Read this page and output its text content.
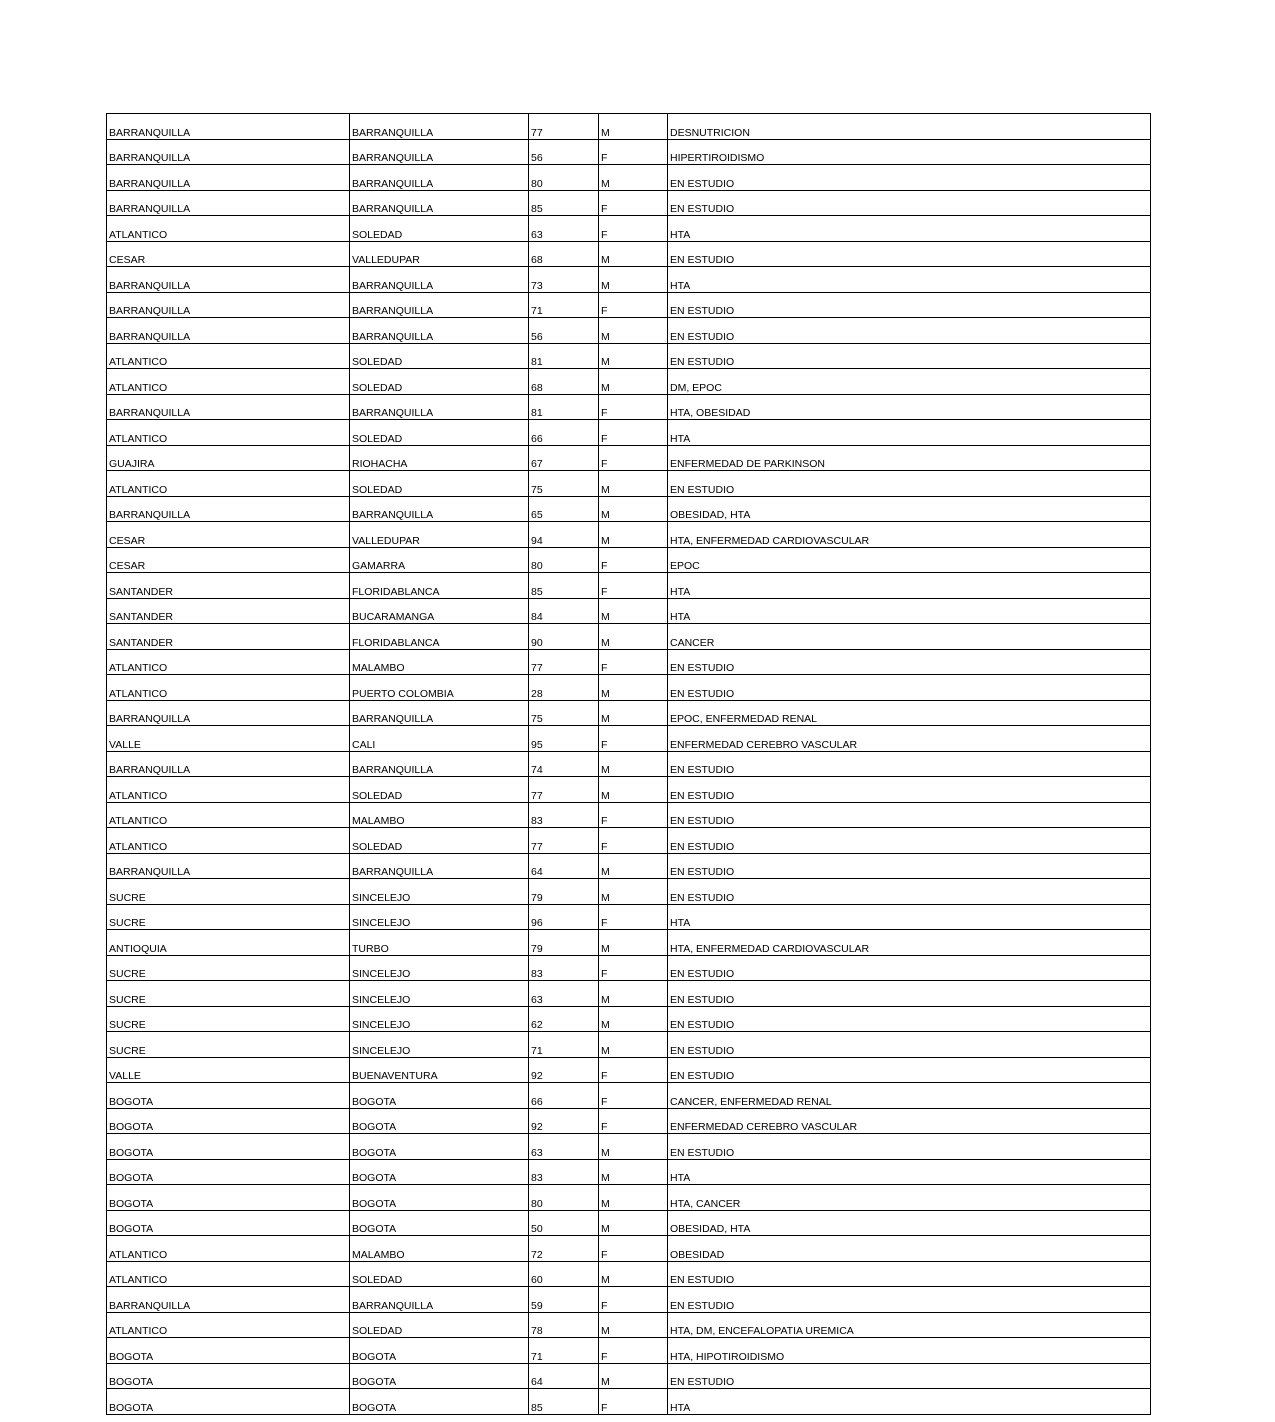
BARRANQUILLA	BARRANQUILLA	77	M	DESNUTRICION
BARRANQUILLA	BARRANQUILLA	56	F	HIPERTIROIDISMO
BARRANQUILLA	BARRANQUILLA	80	M	EN ESTUDIO
BARRANQUILLA	BARRANQUILLA	85	F	EN ESTUDIO
ATLANTICO	SOLEDAD	63	F	HTA
CESAR	VALLEDUPAR	68	M	EN ESTUDIO
BARRANQUILLA	BARRANQUILLA	73	M	HTA
BARRANQUILLA	BARRANQUILLA	71	F	EN ESTUDIO
BARRANQUILLA	BARRANQUILLA	56	M	EN ESTUDIO
ATLANTICO	SOLEDAD	81	M	EN ESTUDIO
ATLANTICO	SOLEDAD	68	M	DM, EPOC
BARRANQUILLA	BARRANQUILLA	81	F	HTA, OBESIDAD
ATLANTICO	SOLEDAD	66	F	HTA
GUAJIRA	RIOHACHA	67	F	ENFERMEDAD DE PARKINSON
ATLANTICO	SOLEDAD	75	M	EN ESTUDIO
BARRANQUILLA	BARRANQUILLA	65	M	OBESIDAD, HTA
CESAR	VALLEDUPAR	94	M	HTA, ENFERMEDAD CARDIOVASCULAR
CESAR	GAMARRA	80	F	EPOC
SANTANDER	FLORIDABLANCA	85	F	HTA
SANTANDER	BUCARAMANGA	84	M	HTA
SANTANDER	FLORIDABLANCA	90	M	CANCER
ATLANTICO	MALAMBO	77	F	EN ESTUDIO
ATLANTICO	PUERTO COLOMBIA	28	M	EN ESTUDIO
BARRANQUILLA	BARRANQUILLA	75	M	EPOC, ENFERMEDAD RENAL
VALLE	CALI	95	F	ENFERMEDAD CEREBRO VASCULAR
BARRANQUILLA	BARRANQUILLA	74	M	EN ESTUDIO
ATLANTICO	SOLEDAD	77	M	EN ESTUDIO
ATLANTICO	MALAMBO	83	F	EN ESTUDIO
ATLANTICO	SOLEDAD	77	F	EN ESTUDIO
BARRANQUILLA	BARRANQUILLA	64	M	EN ESTUDIO
SUCRE	SINCELEJO	79	M	EN ESTUDIO
SUCRE	SINCELEJO	96	F	HTA
ANTIOQUIA	TURBO	79	M	HTA, ENFERMEDAD CARDIOVASCULAR
SUCRE	SINCELEJO	83	F	EN ESTUDIO
SUCRE	SINCELEJO	63	M	EN ESTUDIO
SUCRE	SINCELEJO	62	M	EN ESTUDIO
SUCRE	SINCELEJO	71	M	EN ESTUDIO
VALLE	BUENAVENTURA	92	F	EN ESTUDIO
BOGOTA	BOGOTA	66	F	CANCER, ENFERMEDAD RENAL
BOGOTA	BOGOTA	92	F	ENFERMEDAD CEREBRO VASCULAR
BOGOTA	BOGOTA	63	M	EN ESTUDIO
BOGOTA	BOGOTA	83	M	HTA
BOGOTA	BOGOTA	80	M	HTA, CANCER
BOGOTA	BOGOTA	50	M	OBESIDAD, HTA
ATLANTICO	MALAMBO	72	F	OBESIDAD
ATLANTICO	SOLEDAD	60	M	EN ESTUDIO
BARRANQUILLA	BARRANQUILLA	59	F	EN ESTUDIO
ATLANTICO	SOLEDAD	78	M	HTA, DM, ENCEFALOPATIA UREMICA
BOGOTA	BOGOTA	71	F	HTA, HIPOTIROIDISMO
BOGOTA	BOGOTA	64	M	EN ESTUDIO
BOGOTA	BOGOTA	85	F	HTA
